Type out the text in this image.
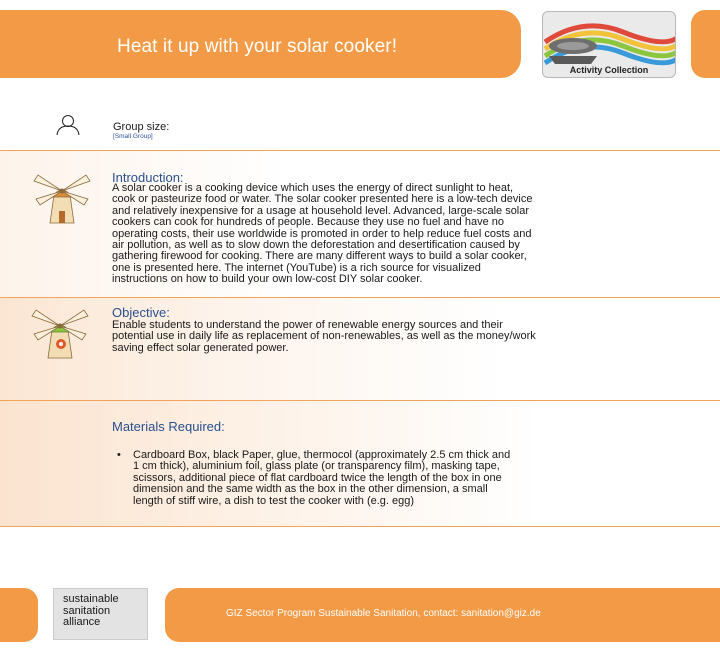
Heat it up with your solar cooker!
Activity Collection
Group size:
[Small Group]
Introduction:
A solar cooker is a cooking device which uses the energy of direct sunlight to heat,
cook or pasteurize food or water. The solar cooker presented here is a low-tech device
and relatively inexpensive for a usage at household level. Advanced, large-scale solar
cookers can cook for hundreds of people. Because they use no fuel and have no
operating costs, their use worldwide is promoted in order to help reduce fuel costs and
air pollution, as well as to slow down the deforestation and desertification caused by
gathering firewood for cooking. There are many different ways to build a solar cooker,
one is presented here. The internet (YouTube) is a rich source for visualized
instructions on how to build your own low-cost DIY solar cooker.
Objective:
Enable students to understand the power of renewable energy sources and their
potential use in daily life as replacement of non-renewables, as well as the money/work
saving effect solar generated power.
Materials Required:
• Cardboard Box, black Paper, glue, thermocol (approximately 2.5 cm thick and
1 cm thick), aluminium foil, glass plate (or transparency film), masking tape,
scissors, additional piece of flat cardboard twice the length of the box in one
dimension and the same width as the box in the other dimension, a small
length of stiff wire, a dish to test the cooker with (e.g. egg)
sustainable
sanitation
alliance
GIZ Sector Program Sustainable Sanitation, contact: sanitation@giz.de
